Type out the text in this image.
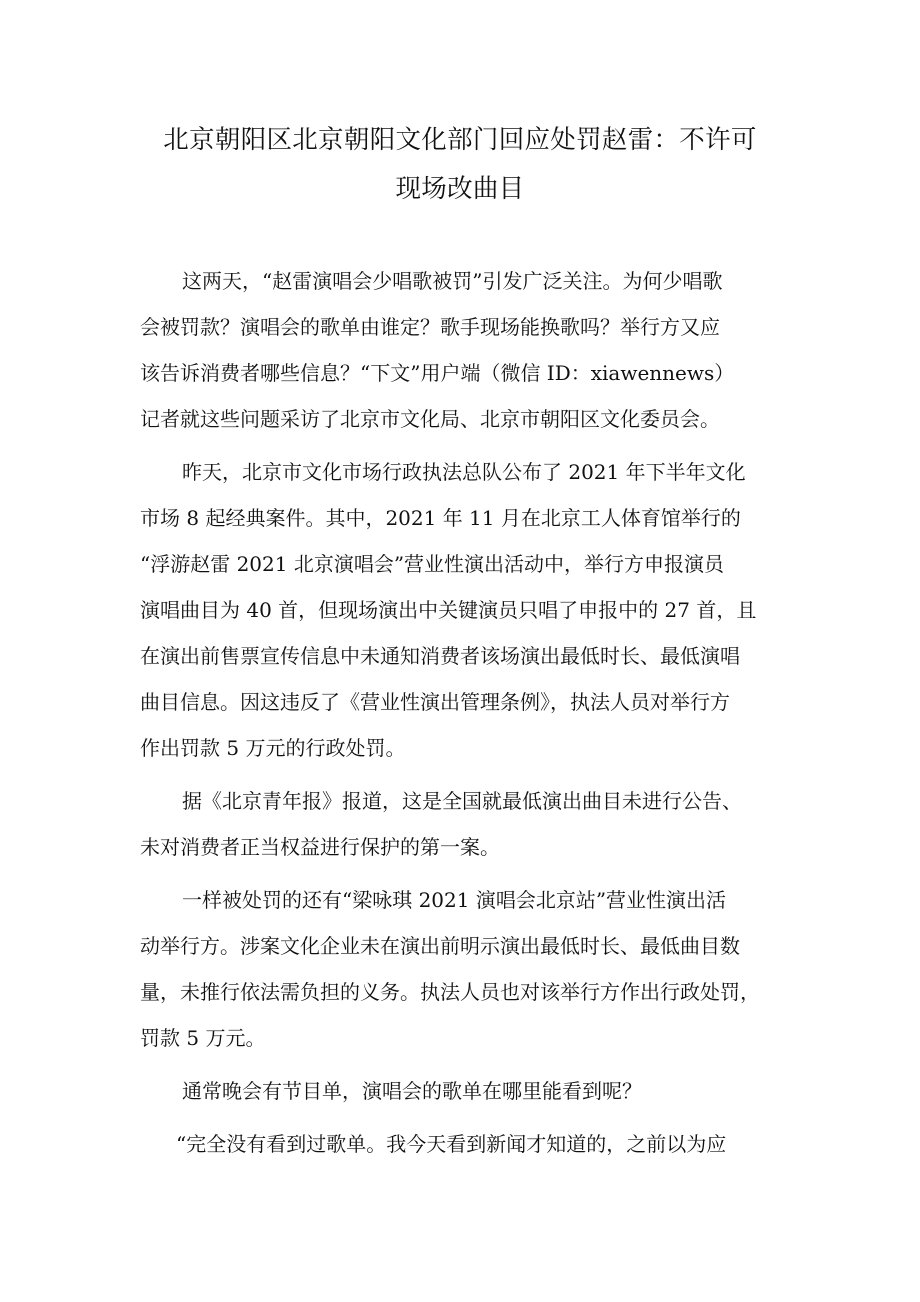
北京朝阳区北京朝阳文化部门回应处罚赵雷：不许可
现场改曲目
这两天，“赵雷演唱会少唱歌被罚”引发广泛关注。为何少唱歌
会被罚款？演唱会的歌单由谁定？歌手现场能换歌吗？举行方又应
该告诉消费者哪些信息？“下文”用户端（微信 ID：xiawennews）
记者就这些问题采访了北京市文化局、北京市朝阳区文化委员会。
昨天，北京市文化市场行政执法总队公布了 2021 年下半年文化
市场 8 起经典案件。其中，2021 年 11 月在北京工人体育馆举行的
“浮游赵雷 2021 北京演唱会”营业性演出活动中，举行方申报演员
演唱曲目为 40 首，但现场演出中关键演员只唱了申报中的 27 首，且
在演出前售票宣传信息中未通知消费者该场演出最低时长、最低演唱
曲目信息。因这违反了《营业性演出管理条例》，执法人员对举行方
作出罚款 5 万元的行政处罚。
据《北京青年报》报道，这是全国就最低演出曲目未进行公告、
未对消费者正当权益进行保护的第一案。
一样被处罚的还有“梁咏琪 2021 演唱会北京站”营业性演出活
动举行方。涉案文化企业未在演出前明示演出最低时长、最低曲目数
量，未推行依法需负担的义务。执法人员也对该举行方作出行政处罚，
罚款 5 万元。
通常晚会有节目单，演唱会的歌单在哪里能看到呢？
“完全没有看到过歌单。我今天看到新闻才知道的，之前以为应
